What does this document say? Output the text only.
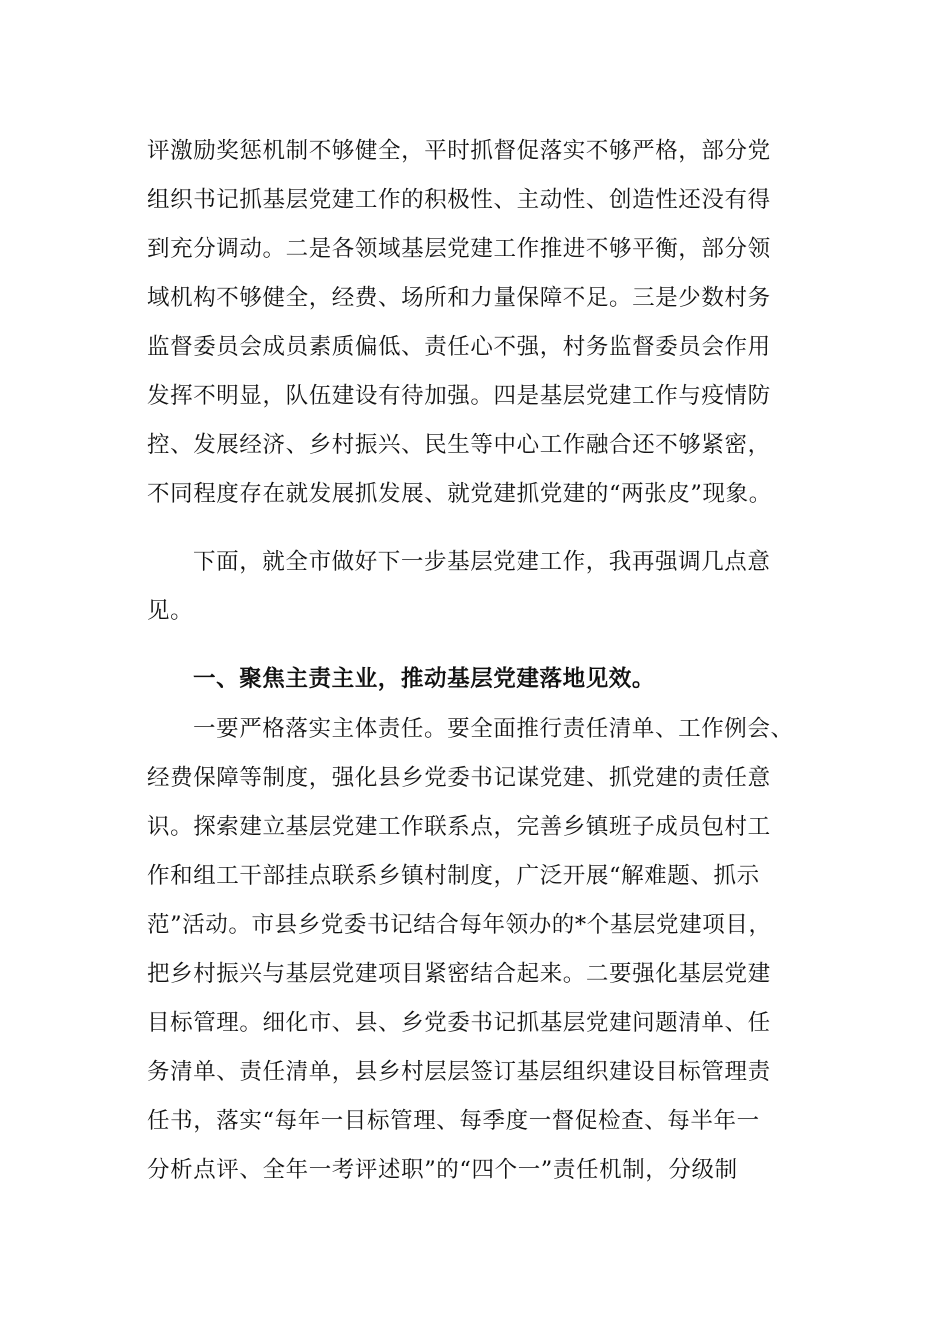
评激励奖惩机制不够健全，平时抓督促落实不够严格，部分党
组织书记抓基层党建工作的积极性、主动性、创造性还没有得
到充分调动。二是各领域基层党建工作推进不够平衡，部分领
域机构不够健全，经费、场所和力量保障不足。三是少数村务
监督委员会成员素质偏低、责任心不强，村务监督委员会作用
发挥不明显，队伍建设有待加强。四是基层党建工作与疫情防
控、发展经济、乡村振兴、民生等中心工作融合还不够紧密，
不同程度存在就发展抓发展、就党建抓党建的“两张皮”现象。
下面，就全市做好下一步基层党建工作，我再强调几点意
见。
一、聚焦主责主业，推动基层党建落地见效。
一要严格落实主体责任。要全面推行责任清单、工作例会、
经费保障等制度，强化县乡党委书记谋党建、抓党建的责任意
识。探索建立基层党建工作联系点，完善乡镇班子成员包村工
作和组工干部挂点联系乡镇村制度，广泛开展“解难题、抓示
范”活动。市县乡党委书记结合每年领办的*个基层党建项目，
把乡村振兴与基层党建项目紧密结合起来。二要强化基层党建
目标管理。细化市、县、乡党委书记抓基层党建问题清单、任
务清单、责任清单，县乡村层层签订基层组织建设目标管理责
任书，落实“每年一目标管理、每季度一督促检查、每半年一
分析点评、全年一考评述职”的“四个一”责任机制，分级制
